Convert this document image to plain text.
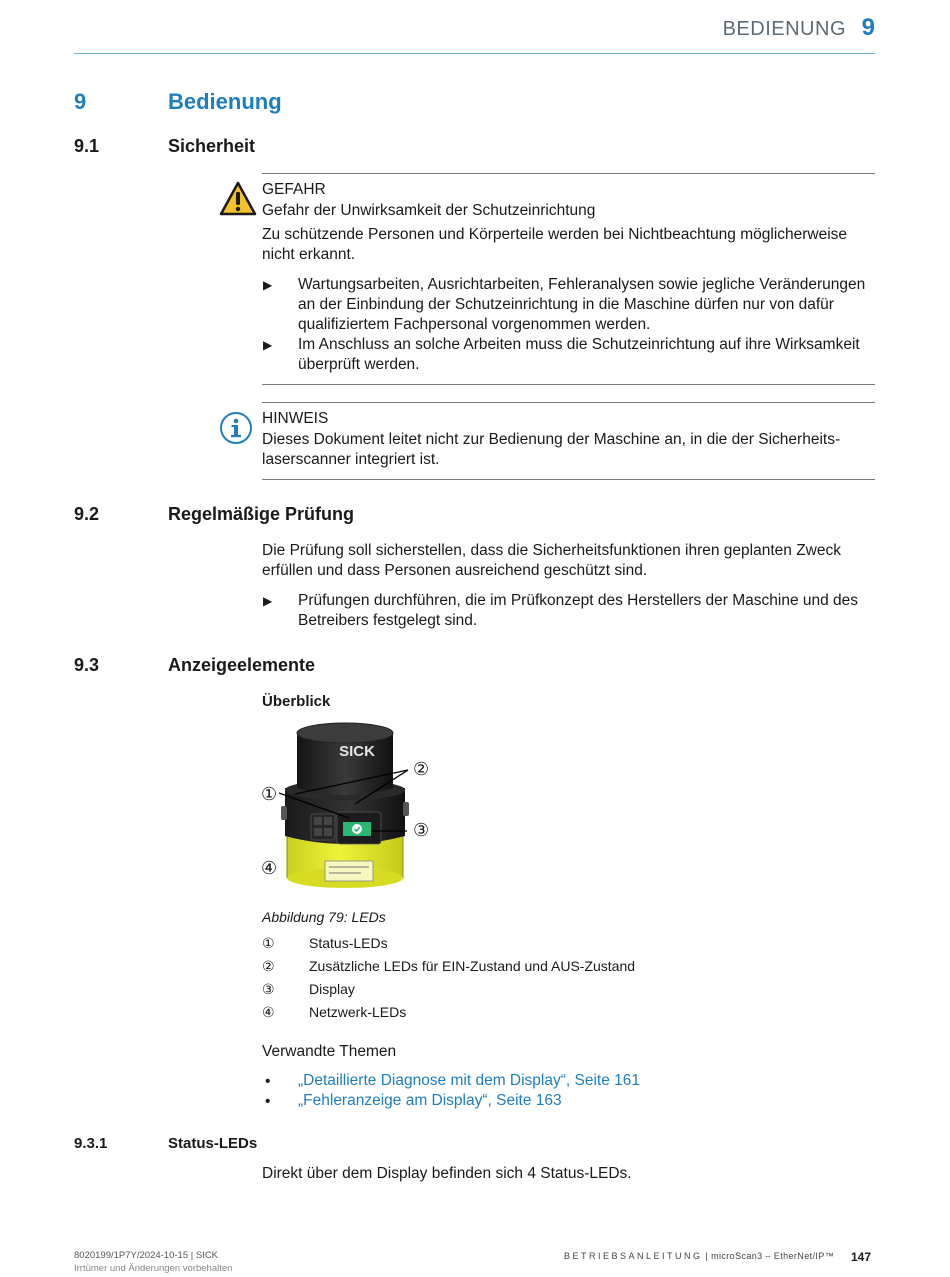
BEDIENUNG 9
9	Bedienung
9.1	Sicherheit
GEFAHR
Gefahr der Unwirksamkeit der Schutzeinrichtung
Zu schützende Personen und Körperteile werden bei Nichtbeachtung möglicherweise
nicht erkannt.
▶ Wartungsarbeiten, Ausrichtarbeiten, Fehleranalysen sowie jegliche Veränderungen
an der Einbindung der Schutzeinrichtung in die Maschine dürfen nur von dafür
qualifiziertem Fachpersonal vorgenommen werden.
▶ Im Anschluss an solche Arbeiten muss die Schutzeinrichtung auf ihre Wirksamkeit
überprüft werden.
HINWEIS
Dieses Dokument leitet nicht zur Bedienung der Maschine an, in die der Sicherheits-
laserscanner integriert ist.
9.2	Regelmäßige Prüfung
Die Prüfung soll sicherstellen, dass die Sicherheitsfunktionen ihren geplanten Zweck
erfüllen und dass Personen ausreichend geschützt sind.
▶ Prüfungen durchführen, die im Prüfkonzept des Herstellers der Maschine und des
Betreibers festgelegt sind.
9.3	Anzeigeelemente
Überblick
SICK
①
②
③
④
Abbildung 79: LEDs
① Status-LEDs
② Zusätzliche LEDs für EIN-Zustand und AUS-Zustand
③ Display
④ Netzwerk-LEDs
Verwandte Themen
• „Detaillierte Diagnose mit dem Display“, Seite 161
• „Fehleranzeige am Display“, Seite 163
9.3.1	Status-LEDs
Direkt über dem Display befinden sich 4 Status-LEDs.
8020199/1P7Y/2024-10-15 | SICK
Irrtümer und Änderungen vorbehalten
BETRIEBSANLEITUNG | microScan3 – EtherNet/IP™ 147
